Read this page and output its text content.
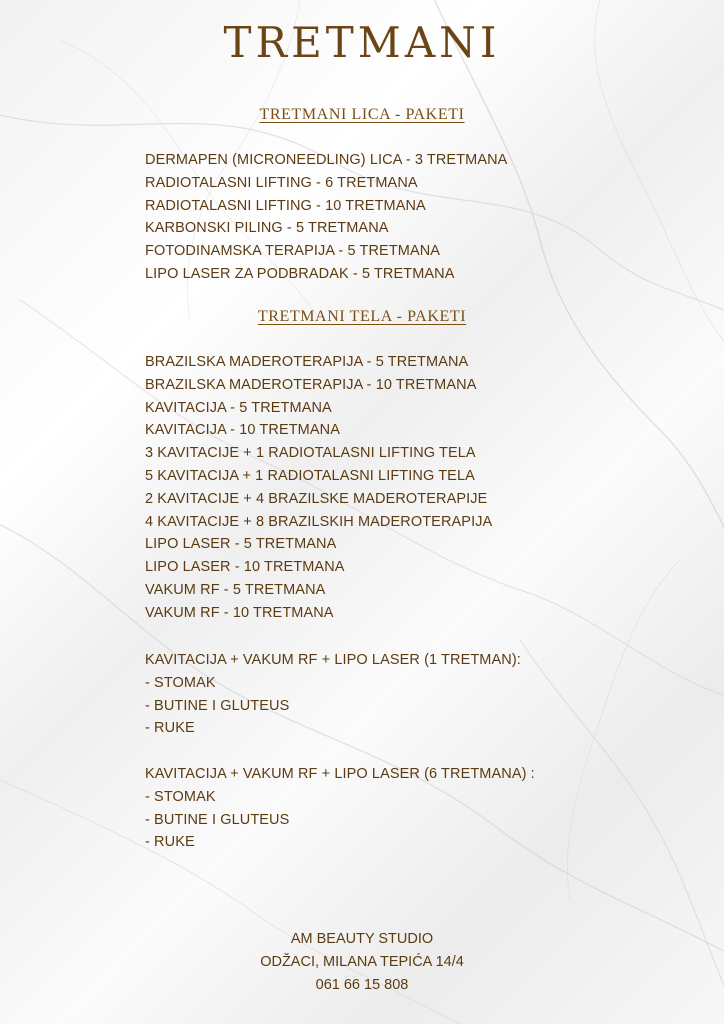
TRETMANI
TRETMANI LICA - PAKETI
DERMAPEN (MICRONEEDLING) LICA - 3 TRETMANA
RADIOTALASNI LIFTING - 6 TRETMANA
RADIOTALASNI LIFTING - 10 TRETMANA
KARBONSKI PILING - 5 TRETMANA
FOTODINAMSKA TERAPIJA - 5 TRETMANA
LIPO LASER ZA PODBRADAK - 5 TRETMANA
TRETMANI TELA - PAKETI
BRAZILSKA MADEROTERAPIJA - 5 TRETMANA
BRAZILSKA MADEROTERAPIJA - 10 TRETMANA
KAVITACIJA - 5 TRETMANA
KAVITACIJA - 10 TRETMANA
3 KAVITACIJE + 1 RADIOTALASNI LIFTING TELA
5 KAVITACIJA + 1 RADIOTALASNI LIFTING TELA
2 KAVITACIJE + 4 BRAZILSKE MADEROTERAPIJE
4 KAVITACIJE + 8 BRAZILSKIH MADEROTERAPIJA
LIPO LASER - 5 TRETMANA
LIPO LASER - 10 TRETMANA
VAKUM RF - 5 TRETMANA
VAKUM RF - 10 TRETMANA
KAVITACIJA + VAKUM RF + LIPO LASER (1 TRETMAN):
- STOMAK
- BUTINE I GLUTEUS
- RUKE
KAVITACIJA + VAKUM RF + LIPO LASER (6 TRETMANA) :
- STOMAK
- BUTINE I GLUTEUS
- RUKE
AM BEAUTY STUDIO
ODŽACI, MILANA TEPIĆA 14/4
061 66 15 808
